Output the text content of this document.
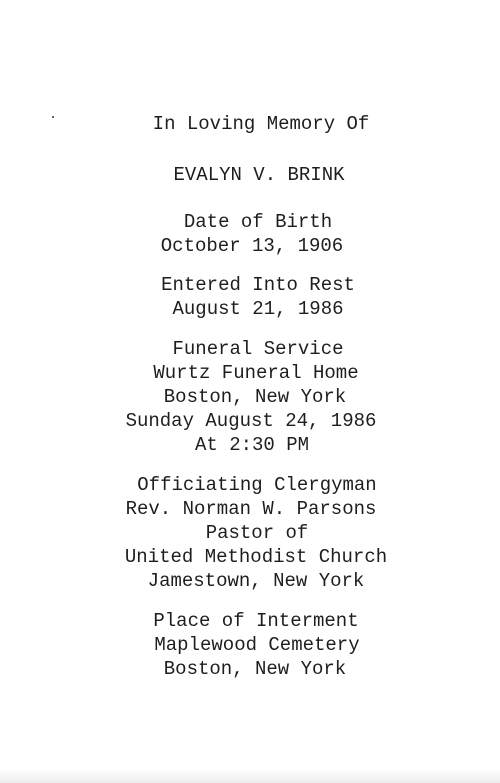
In Loving Memory Of
EVALYN V. BRINK
Date of Birth
October 13, 1906
Entered Into Rest
August 21, 1986
Funeral Service
Wurtz Funeral Home
Boston, New York
Sunday August 24, 1986
At 2:30 PM
Officiating Clergyman
Rev. Norman W. Parsons
Pastor of
United Methodist Church
Jamestown, New York
Place of Interment
Maplewood Cemetery
Boston, New York
